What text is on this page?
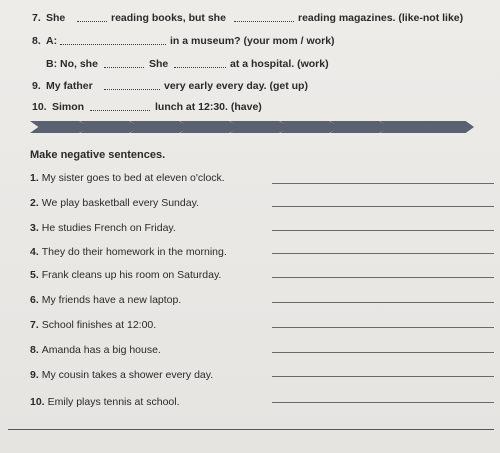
7. She	reading books, but she	reading magazines. (like-not like)
8. A:	in a museum? (your mom / work)
B: No, she	She	at a hospital. (work)
9. My father	very early every day. (get up)
10. Simon	lunch at 12:30. (have)
Make negative sentences.
1. My sister goes to bed at eleven o'clock.
2. We play basketball every Sunday.
3. He studies French on Friday.
4. They do their homework in the morning.
5. Frank cleans up his room on Saturday.
6. My friends have a new laptop.
7. School finishes at 12:00.
8. Amanda has a big house.
9. My cousin takes a shower every day.
10. Emily plays tennis at school.
